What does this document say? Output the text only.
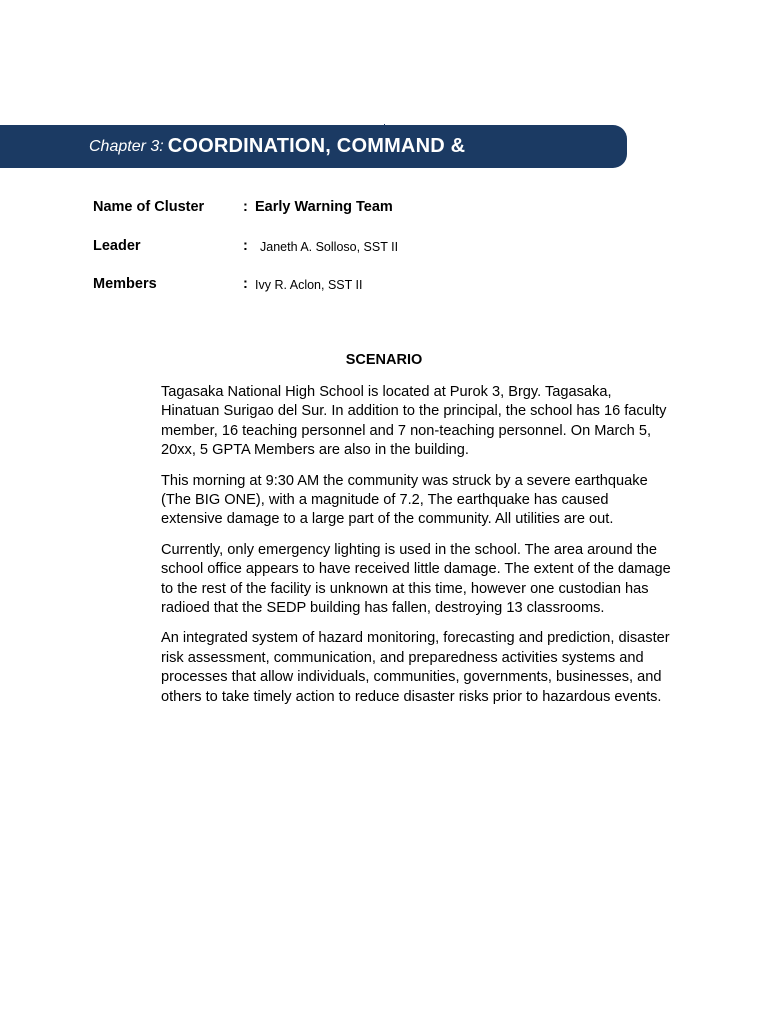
Chapter 3: COORDINATION, COMMAND &
Name of Cluster	: Early Warning Team
Leader	: Janeth A. Solloso, SST II
Members	: Ivy R. Aclon, SST II
SCENARIO

Tagasaka National High School is located at Purok 3, Brgy. Tagasaka, Hinatuan Surigao del Sur. In addition to the principal, the school has 16 faculty member, 16 teaching personnel and 7 non-teaching personnel. On March 5, 20xx, 5 GPTA Members are also in the building.

This morning at 9:30 AM the community was struck by a severe earthquake (The BIG ONE), with a magnitude of 7.2, The earthquake has caused extensive damage to a large part of the community. All utilities are out.

Currently, only emergency lighting is used in the school. The area around the school office appears to have received little damage. The extent of the damage to the rest of the facility is unknown at this time, however one custodian has radioed that the SEDP building has fallen, destroying 13 classrooms.

An integrated system of hazard monitoring, forecasting and prediction, disaster risk assessment, communication, and preparedness activities systems and processes that allow individuals, communities, governments, businesses, and others to take timely action to reduce disaster risks prior to hazardous events.
